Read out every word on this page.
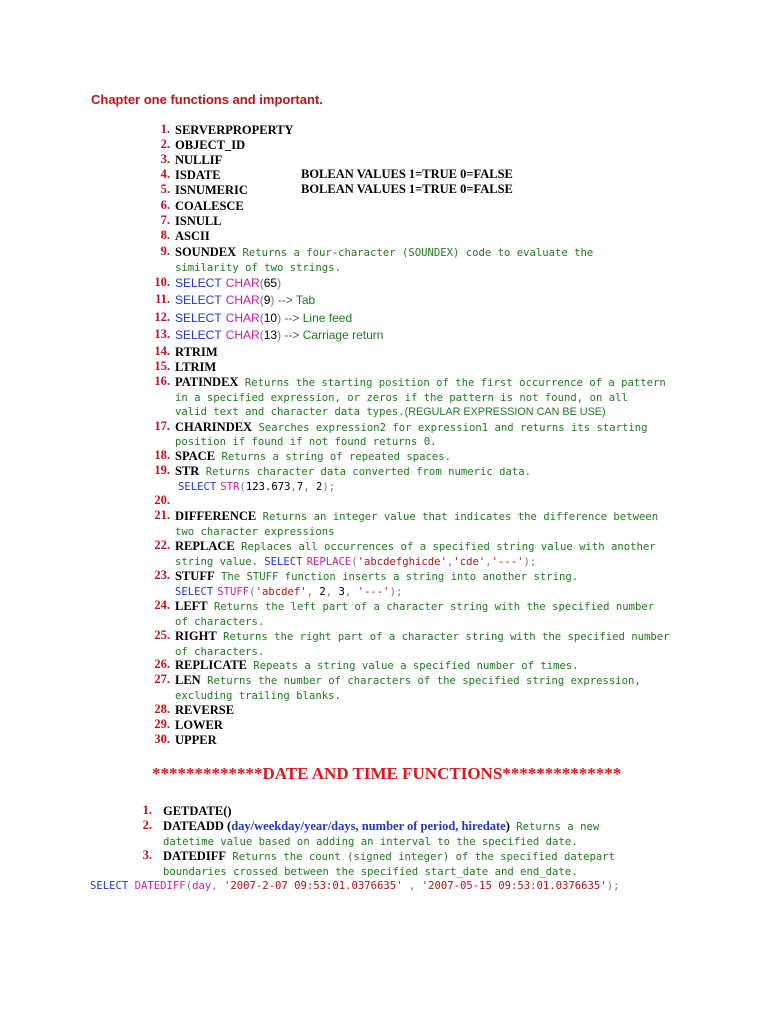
Chapter one functions and important.
1. SERVERPROPERTY
2. OBJECT_ID
3. NULLIF
4. ISDATE	BOLEAN VALUES 1=TRUE 0=FALSE
5. ISNUMERIC	BOLEAN VALUES 1=TRUE 0=FALSE
6. COALESCE
7. ISNULL
8. ASCII
9. SOUNDEX Returns a four-character (SOUNDEX) code to evaluate the
similarity of two strings.
10. SELECT CHAR(65)
11. SELECT CHAR(9) --> Tab
12. SELECT CHAR(10) --> Line feed
13. SELECT CHAR(13) --> Carriage return
14. RTRIM
15. LTRIM
16. PATINDEX Returns the starting position of the first occurrence of a pattern
in a specified expression, or zeros if the pattern is not found, on all
valid text and character data types.(REGULAR EXPRESSION CAN BE USE)
17. CHARINDEX Searches expression2 for expression1 and returns its starting
position if found if not found returns 0.
18. SPACE Returns a string of repeated spaces.
19. STR Returns character data converted from numeric data.
SELECT STR(123.673,7, 2);
20.
21. DIFFERENCE Returns an integer value that indicates the difference between
two character expressions
22. REPLACE Replaces all occurrences of a specified string value with another
string value. SELECT REPLACE('abcdefghicde','cde','---');
23. STUFF The STUFF function inserts a string into another string.
SELECT STUFF('abcdef', 2, 3, '---');
24. LEFT Returns the left part of a character string with the specified number
of characters.
25. RIGHT Returns the right part of a character string with the specified number
of characters.
26. REPLICATE Repeats a string value a specified number of times.
27. LEN Returns the number of characters of the specified string expression,
excluding trailing blanks.
28. REVERSE
29. LOWER
30. UPPER
*************DATE AND TIME FUNCTIONS**************
1. GETDATE()
2. DATEADD (day/weekday/year/days, number of period, hiredate) Returns a new
datetime value based on adding an interval to the specified date.
3. DATEDIFF Returns the count (signed integer) of the specified datepart
boundaries crossed between the specified start_date and end_date.
SELECT DATEDIFF(day, '2007-2-07 09:53:01.0376635' , '2007-05-15 09:53:01.0376635');
